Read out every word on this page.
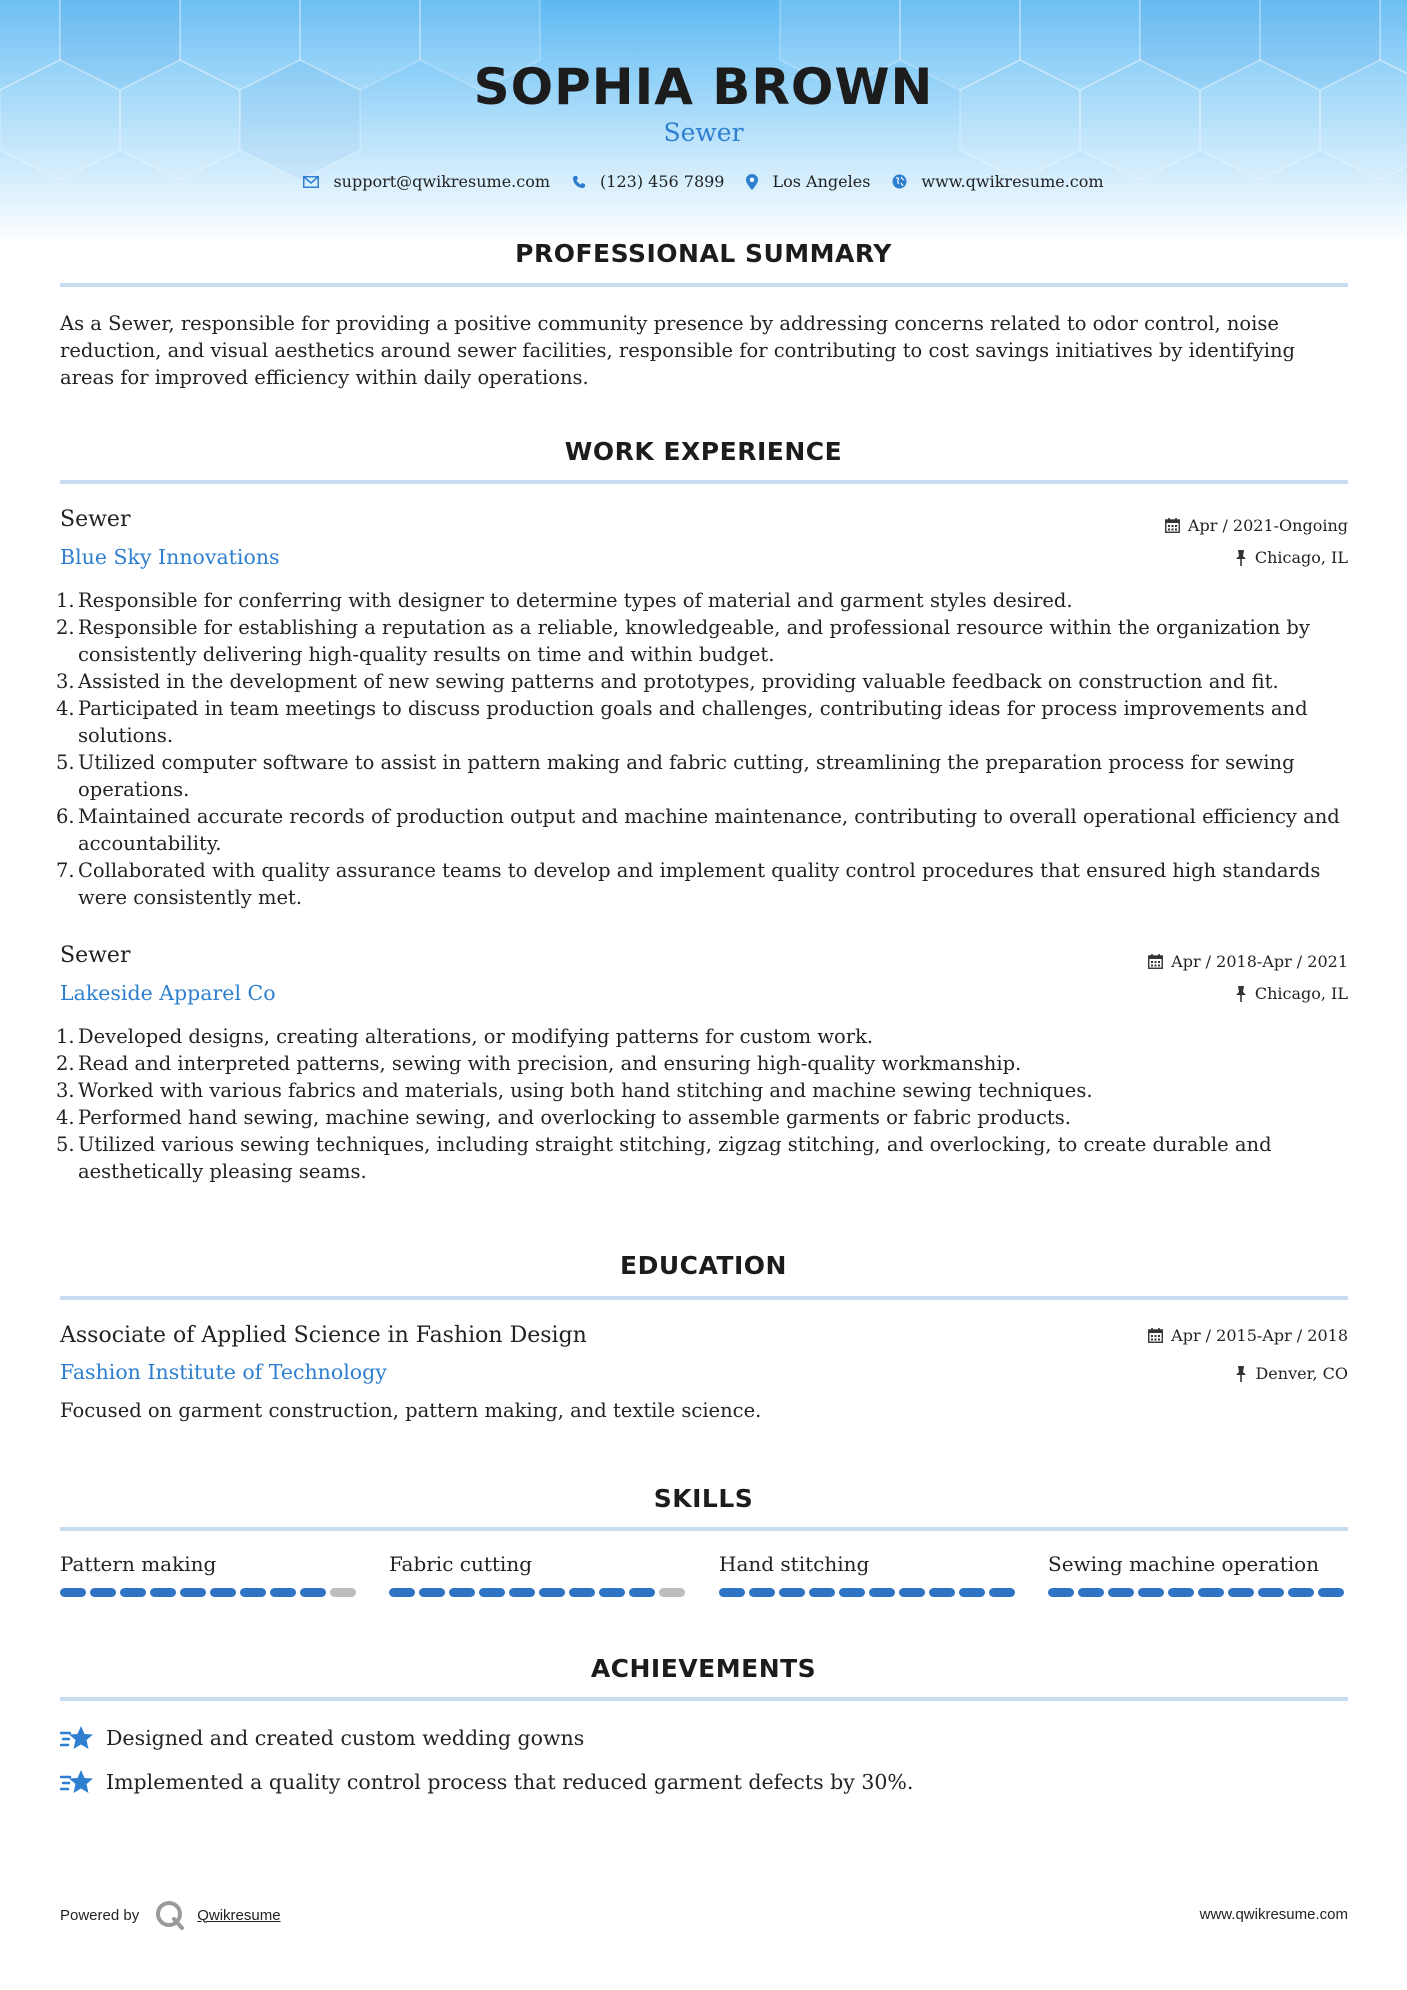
SOPHIA BROWN
Sewer
support@qwikresume.com	(123) 456 7899	Los Angeles	www.qwikresume.com
PROFESSIONAL SUMMARY

As a Sewer, responsible for providing a positive community presence by addressing concerns related to odor control, noise reduction, and visual aesthetics around sewer facilities, responsible for contributing to cost savings initiatives by identifying areas for improved efficiency within daily operations.

WORK EXPERIENCE
Sewer	Apr / 2021-Ongoing
Blue Sky Innovations	Chicago, IL
1. Responsible for conferring with designer to determine types of material and garment styles desired.
2. Responsible for establishing a reputation as a reliable, knowledgeable, and professional resource within the organization by consistently delivering high-quality results on time and within budget.
3. Assisted in the development of new sewing patterns and prototypes, providing valuable feedback on construction and fit.
4. Participated in team meetings to discuss production goals and challenges, contributing ideas for process improvements and solutions.
5. Utilized computer software to assist in pattern making and fabric cutting, streamlining the preparation process for sewing operations.
6. Maintained accurate records of production output and machine maintenance, contributing to overall operational efficiency and accountability.
7. Collaborated with quality assurance teams to develop and implement quality control procedures that ensured high standards were consistently met.
Sewer	Apr / 2018-Apr / 2021
Lakeside Apparel Co	Chicago, IL
1. Developed designs, creating alterations, or modifying patterns for custom work.
2. Read and interpreted patterns, sewing with precision, and ensuring high-quality workmanship.
3. Worked with various fabrics and materials, using both hand stitching and machine sewing techniques.
4. Performed hand sewing, machine sewing, and overlocking to assemble garments or fabric products.
5. Utilized various sewing techniques, including straight stitching, zigzag stitching, and overlocking, to create durable and aesthetically pleasing seams.
EDUCATION
Associate of Applied Science in Fashion Design	Apr / 2015-Apr / 2018
Fashion Institute of Technology	Denver, CO

Focused on garment construction, pattern making, and textile science.

SKILLS
Pattern making	Fabric cutting	Hand stitching	Sewing machine operation
ACHIEVEMENTS
Designed and created custom wedding gowns
Implemented a quality control process that reduced garment defects by 30%.
Powered by	Qwikresume	www.qwikresume.com
